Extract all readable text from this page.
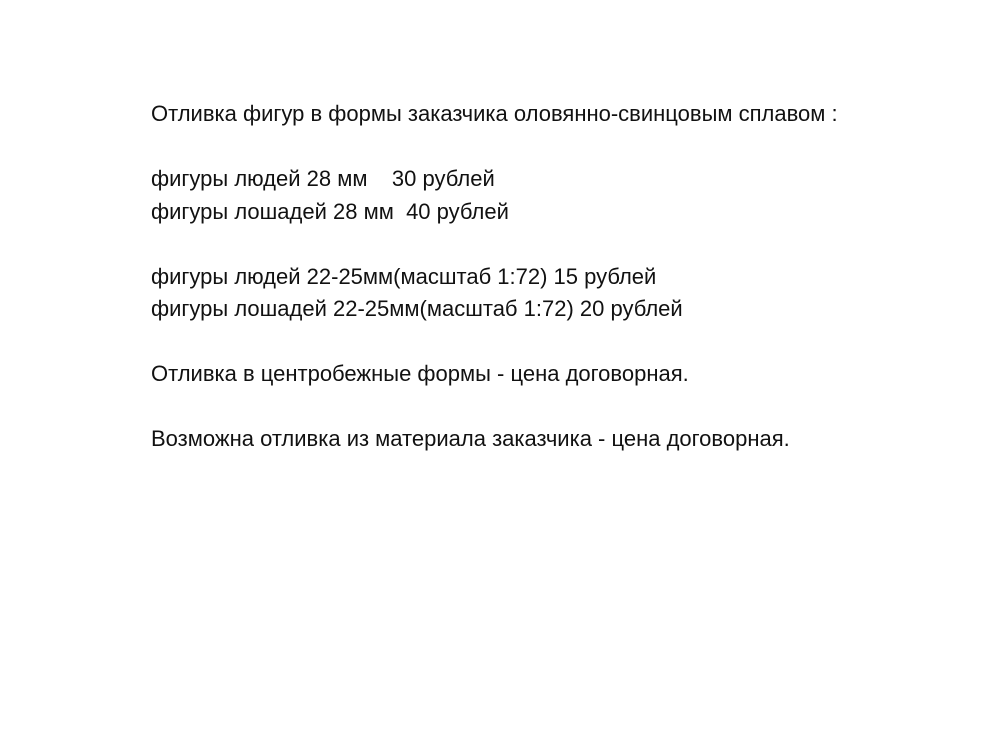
Отливка фигур в формы заказчика оловянно-свинцовым сплавом :
фигуры людей 28 мм    30 рублей
фигуры лошадей 28 мм  40 рублей
фигуры людей 22-25мм(масштаб 1:72) 15 рублей
фигуры лошадей 22-25мм(масштаб 1:72) 20 рублей
Отливка в центробежные формы - цена договорная.
Возможна отливка из материала заказчика - цена договорная.
